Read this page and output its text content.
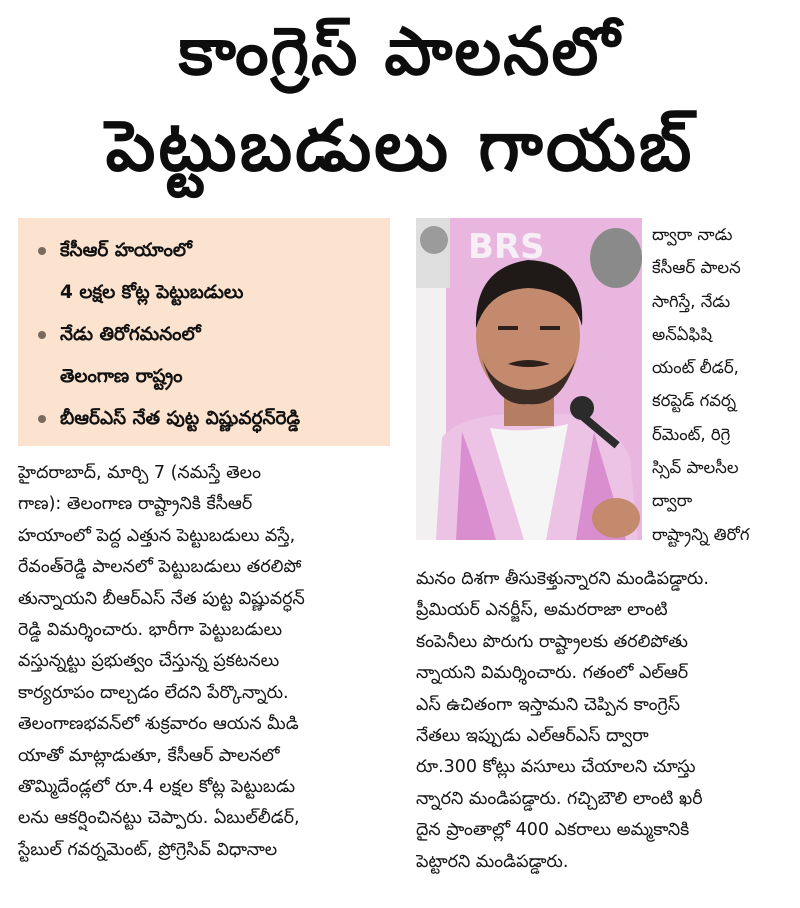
కాంగ్రెస్ పాలనలో
పెట్టుబడులు గాయబ్
కేసీఆర్ హయాంలో
4 లక్షల కోట్ల పెట్టుబడులు
నేడు తిరోగమనంలో
తెలంగాణ రాష్ట్రం
బీఆర్ఎస్ నేత పుట్ట విష్ణువర్ధన్‌రెడ్డి
BRS
హైదరాబాద్, మార్చి 7 (నమస్తే తెలం
గాణ): తెలంగాణ రాష్ట్రానికి కేసీఆర్
హయాంలో పెద్ద ఎత్తున పెట్టుబడులు వస్తే,
రేవంత్‌రెడ్డి పాలనలో పెట్టుబడులు తరలిపో
తున్నాయని బీఆర్ఎస్ నేత పుట్ట విష్ణువర్ధన్
రెడ్డి విమర్శించారు. భారీగా పెట్టుబడులు
వస్తున్నట్టు ప్రభుత్వం చేస్తున్న ప్రకటనలు
కార్యరూపం దాల్చడం లేదని పేర్కొన్నారు.
తెలంగాణభవన్‌లో శుక్రవారం ఆయన మీడి
యాతో మాట్లాడుతూ, కేసీఆర్ పాలనలో
తొమ్మిదేండ్లలో రూ.4 లక్షల కోట్ల పెట్టుబడు
లను ఆకర్షించినట్టు చెప్పారు. ఏబుల్‌లీడర్,
స్టేబుల్ గవర్నమెంట్, ప్రోగ్రెసివ్ విధానాల
ద్వారా నాడు
కేసీఆర్ పాలన
సాగిస్తే, నేడు
అన్‌ఏఫిషి
యంట్ లీడర్,
కరప్టెడ్ గవర్న
ర్‌మెంట్, రిగ్రె
స్సివ్ పాలసీల
ద్వారా
రాష్ట్రాన్ని తిరోగ
మనం దిశగా తీసుకెళ్తున్నారని మండిపడ్డారు.
ప్రీమియర్ ఎనర్జీస్, అమరరాజా లాంటి
కంపెనీలు పొరుగు రాష్ట్రాలకు తరలిపోతు
న్నాయని విమర్శించారు. గతంలో ఎల్‌ఆర్
ఎస్ ఉచితంగా ఇస్తామని చెప్పిన కాంగ్రెస్
నేతలు ఇప్పుడు ఎల్‌ఆర్‌ఎస్ ద్వారా
రూ.300 కోట్లు వసూలు చేయాలని చూస్తు
న్నారని మండిపడ్డారు. గచ్చిబౌలి లాంటి ఖరీ
దైన ప్రాంతాల్లో 400 ఎకరాలు అమ్మకానికి
పెట్టారని మండిపడ్డారు.
